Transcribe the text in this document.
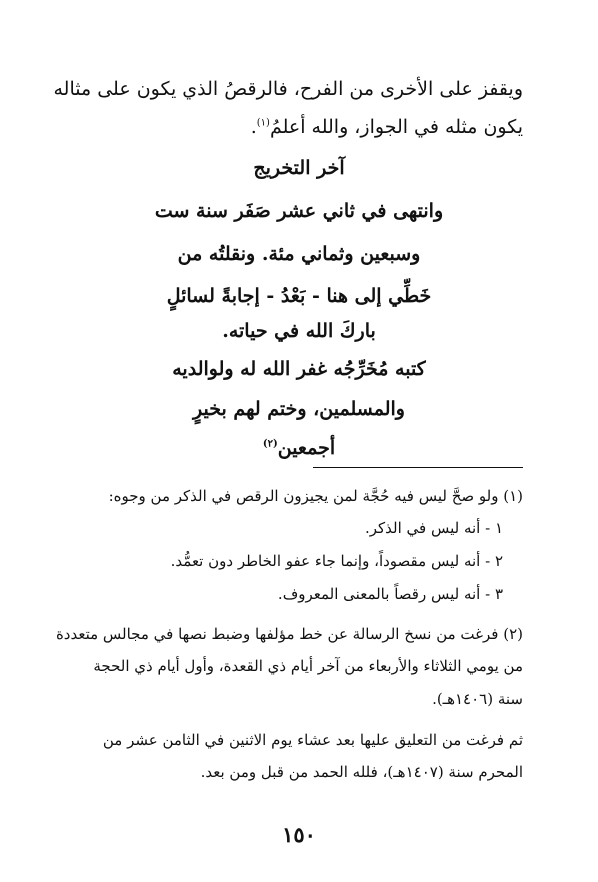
ويقفز على الأخرى من الفرح، فالرقصُ الذي يكون على مثاله
يكون مثله في الجواز، والله أعلمُ$^{(١)}$.
آخر التخريج
وانتهى في ثاني عشر صَفَر سنة ست
وسبعين وثماني مئة. ونقلتُه من
خَطِّي إلى هنا - بَعْدُ - إجابةً لسائلٍ
باركَ الله في حياته.
كتبه مُخَرِّجُه غفر الله له ولوالديه
والمسلمين، وختم لهم بخيرٍ
أجمعين$^{(٢)}$
(١) ولو صحَّ ليس فيه حُجَّة لمن يجيزون الرقص في الذكر من وجوه:
١ - أنه ليس في الذكر.
٢ - أنه ليس مقصوداً، وإنما جاء عفو الخاطر دون تعمُّد.
٣ - أنه ليس رقصاً بالمعنى المعروف.
(٢) فرغت من نسخ الرسالة عن خط مؤلفها وضبط نصها في مجالس متعددة
من يومي الثلاثاء والأربعاء من آخر أيام ذي القعدة، وأول أيام ذي الحجة
سنة (١٤٠٦هـ).
ثم فرغت من التعليق عليها بعد عشاء يوم الاثنين في الثامن عشر من
المحرم سنة (١٤٠٧هـ)، فلله الحمد من قبل ومن بعد.
١٥٠
